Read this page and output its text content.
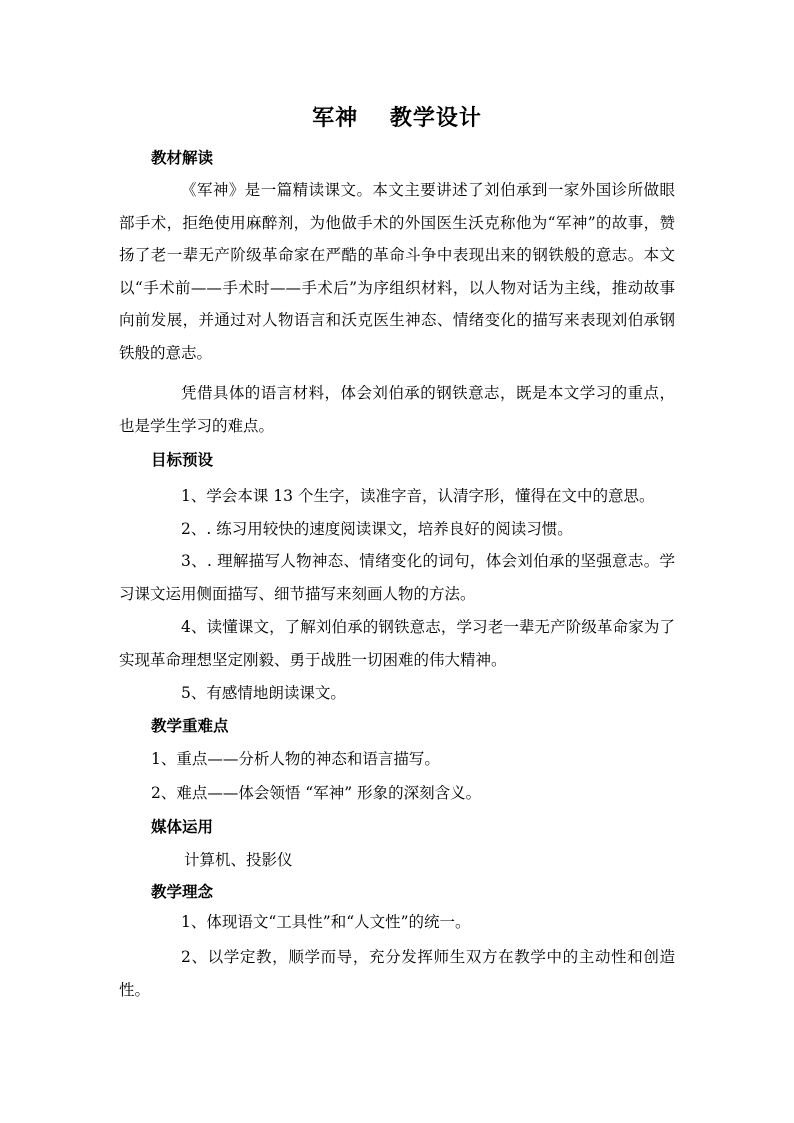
军神　 教学设计
教材解读
《军神》是一篇精读课文。本文主要讲述了刘伯承到一家外国诊所做眼部手术，拒绝使用麻醉剂，为他做手术的外国医生沃克称他为“军神”的故事，赞扬了老一辈无产阶级革命家在严酷的革命斗争中表现出来的钢铁般的意志。本文以“手术前——手术时——手术后”为序组织材料，以人物对话为主线，推动故事向前发展，并通过对人物语言和沃克医生神态、情绪变化的描写来表现刘伯承钢铁般的意志。
凭借具体的语言材料，体会刘伯承的钢铁意志，既是本文学习的重点，也是学生学习的难点。
目标预设
1、学会本课 13 个生字，读准字音，认清字形，懂得在文中的意思。
2、. 练习用较快的速度阅读课文，培养良好的阅读习惯。
3、. 理解描写人物神态、情绪变化的词句，体会刘伯承的坚强意志。学习课文运用侧面描写、细节描写来刻画人物的方法。
4、读懂课文，了解刘伯承的钢铁意志，学习老一辈无产阶级革命家为了实现革命理想坚定刚毅、勇于战胜一切困难的伟大精神。
5、有感情地朗读课文。
教学重难点
1、重点——分析人物的神态和语言描写。
2、难点——体会领悟 “军神” 形象的深刻含义。
媒体运用
计算机、投影仪
教学理念
1、体现语文“工具性”和“人文性”的统一。
2、以学定教，顺学而导，充分发挥师生双方在教学中的主动性和创造性。
